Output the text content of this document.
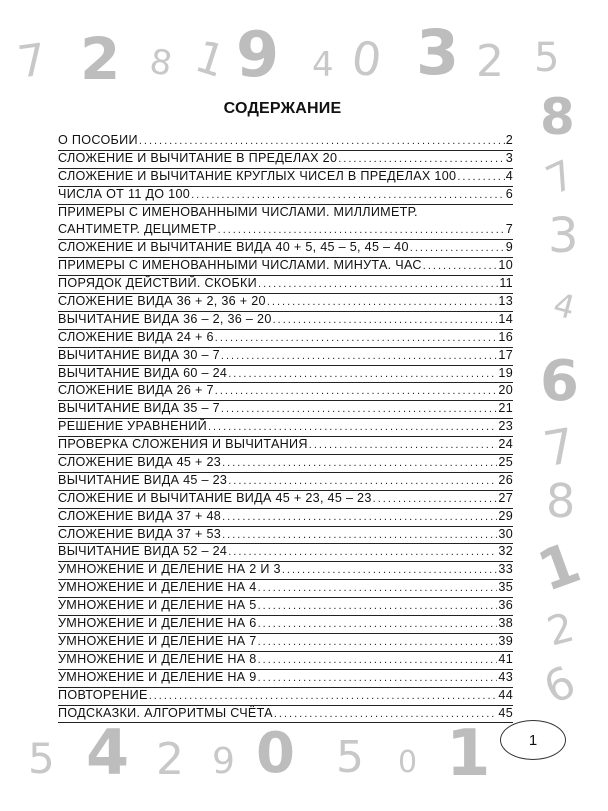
7 2 8 1 9 4 0 3 2 5
8
7
3
4
6
7
8
1
2
6
5 4 2 9 0 5 0 1
СОДЕРЖАНИЕ
О ПОСОБИИ .....	2
СЛОЖЕНИЕ И ВЫЧИТАНИЕ В ПРЕДЕЛАХ 20 .....	3
СЛОЖЕНИЕ И ВЫЧИТАНИЕ КРУГЛЫХ ЧИСЕЛ В ПРЕДЕЛАХ 100 .....	4
ЧИСЛА ОТ 11 ДО 100 .....	6
ПРИМЕРЫ С ИМЕНОВАННЫМИ ЧИСЛАМИ. МИЛЛИМЕТР.
САНТИМЕТР. ДЕЦИМЕТР .....	7
СЛОЖЕНИЕ И ВЫЧИТАНИЕ ВИДА 40 + 5, 45 – 5, 45 – 40 .....	9
ПРИМЕРЫ С ИМЕНОВАННЫМИ ЧИСЛАМИ. МИНУТА. ЧАС .....	10
ПОРЯДОК ДЕЙСТВИЙ. СКОБКИ .....	11
СЛОЖЕНИЕ ВИДА 36 + 2, 36 + 20 .....	13
ВЫЧИТАНИЕ ВИДА 36 – 2, 36 – 20 .....	14
СЛОЖЕНИЕ ВИДА 24 + 6 .....	16
ВЫЧИТАНИЕ ВИДА 30 – 7 .....	17
ВЫЧИТАНИЕ ВИДА 60 – 24 .....	19
СЛОЖЕНИЕ ВИДА 26 + 7 .....	20
ВЫЧИТАНИЕ ВИДА 35 – 7 .....	21
РЕШЕНИЕ УРАВНЕНИЙ .....	23
ПРОВЕРКА СЛОЖЕНИЯ И ВЫЧИТАНИЯ .....	24
СЛОЖЕНИЕ ВИДА 45 + 23 .....	25
ВЫЧИТАНИЕ ВИДА 45 – 23 .....	26
СЛОЖЕНИЕ И ВЫЧИТАНИЕ ВИДА 45 + 23, 45 – 23 .....	27
СЛОЖЕНИЕ ВИДА 37 + 48 .....	29
СЛОЖЕНИЕ ВИДА 37 + 53 .....	30
ВЫЧИТАНИЕ ВИДА 52 – 24 .....	32
УМНОЖЕНИЕ И ДЕЛЕНИЕ НА 2 И 3 .....	33
УМНОЖЕНИЕ И ДЕЛЕНИЕ НА 4 .....	35
УМНОЖЕНИЕ И ДЕЛЕНИЕ НА 5 .....	36
УМНОЖЕНИЕ И ДЕЛЕНИЕ НА 6 .....	38
УМНОЖЕНИЕ И ДЕЛЕНИЕ НА 7 .....	39
УМНОЖЕНИЕ И ДЕЛЕНИЕ НА 8 .....	41
УМНОЖЕНИЕ И ДЕЛЕНИЕ НА 9 .....	43
ПОВТОРЕНИЕ .....	44
ПОДСКАЗКИ. АЛГОРИТМЫ СЧЁТА .....	45
1
